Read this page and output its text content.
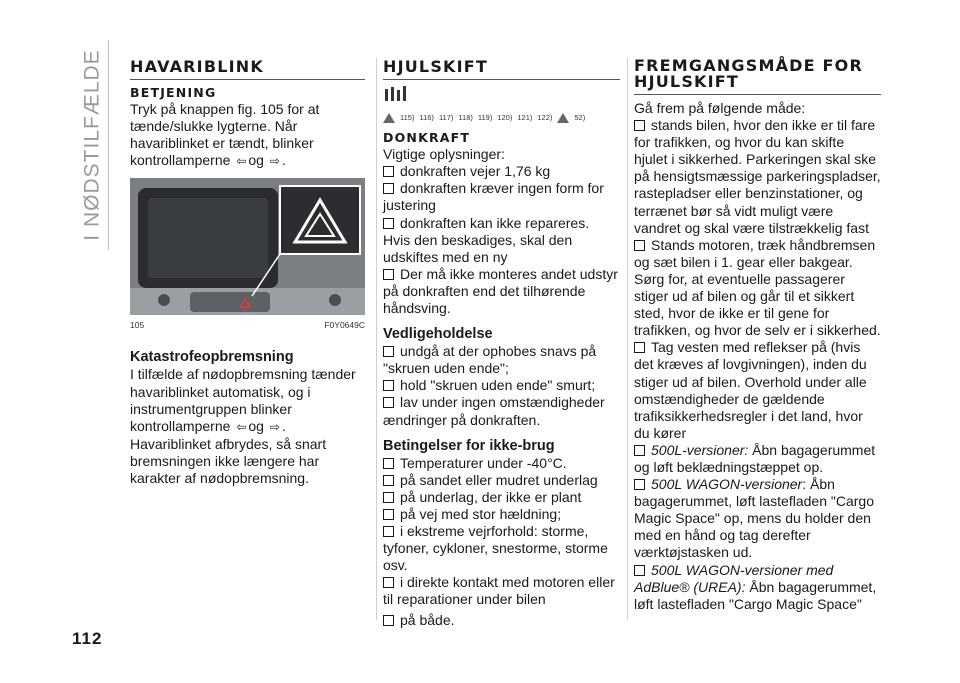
I NØDSTILFÆLDE
112
HAVARIBLINK
BETJENING

Tryk på knappen fig. 105 for at tænde/slukke lygterne. Når havariblinket er tændt, blinker kontrollamperne ⇦ og ⇨ .

105	F0Y0649C
Katastrofeopbremsning

I tilfælde af nødopbremsning tænder havariblinket automatisk, og i instrumentgruppen blinker kontrollamperne ⇦ og ⇨ .

Havariblinket afbrydes, så snart bremsningen ikke længere har karakter af nødopbremsning.

HJULSKIFT
115) 116) 117) 118) 119) 120) 121) 122)	52)
DONKRAFT

Vigtige oplysninger:

donkraften vejer 1,76 kg

donkraften kræver ingen form for justering

donkraften kan ikke repareres. Hvis den beskadiges, skal den udskiftes med en ny

Der må ikke monteres andet udstyr på donkraften end det tilhørende håndsving.

Vedligeholdelse

undgå at der ophobes snavs på "skruen uden ende";

hold "skruen uden ende" smurt;

lav under ingen omstændigheder ændringer på donkraften.

Betingelser for ikke-brug

Temperaturer under -40°C.

på sandet eller mudret underlag

på underlag, der ikke er plant

på vej med stor hældning;

i ekstreme vejrforhold: storme, tyfoner, cykloner, snestorme, storme osv.

i direkte kontakt med motoren eller til reparationer under bilen

på både.

FREMGANGSMÅDE FOR HJULSKIFT

Gå frem på følgende måde:

stands bilen, hvor den ikke er til fare for trafikken, og hvor du kan skifte hjulet i sikkerhed. Parkeringen skal ske på hensigtsmæssige parkeringspladser, rastepladser eller benzinstationer, og terrænet bør så vidt muligt være vandret og skal være tilstrækkelig fast

Stands motoren, træk håndbremsen og sæt bilen i 1. gear eller bakgear. Sørg for, at eventuelle passagerer stiger ud af bilen og går til et sikkert sted, hvor de ikke er til gene for trafikken, og hvor de selv er i sikkerhed.

Tag vesten med reflekser på (hvis det kræves af lovgivningen), inden du stiger ud af bilen. Overhold under alle omstændigheder de gældende trafiksikkerhedsregler i det land, hvor du kører

500L-versioner: Åbn bagagerummet og løft beklædningstæppet op.

500L WAGON-versioner: Åbn bagagerummet, løft lastefladen "Cargo Magic Space" op, mens du holder den med en hånd og tag derefter værktøjstasken ud.

500L WAGON-versioner med AdBlue® (UREA): Åbn bagagerummet, løft lastefladen "Cargo Magic Space"
